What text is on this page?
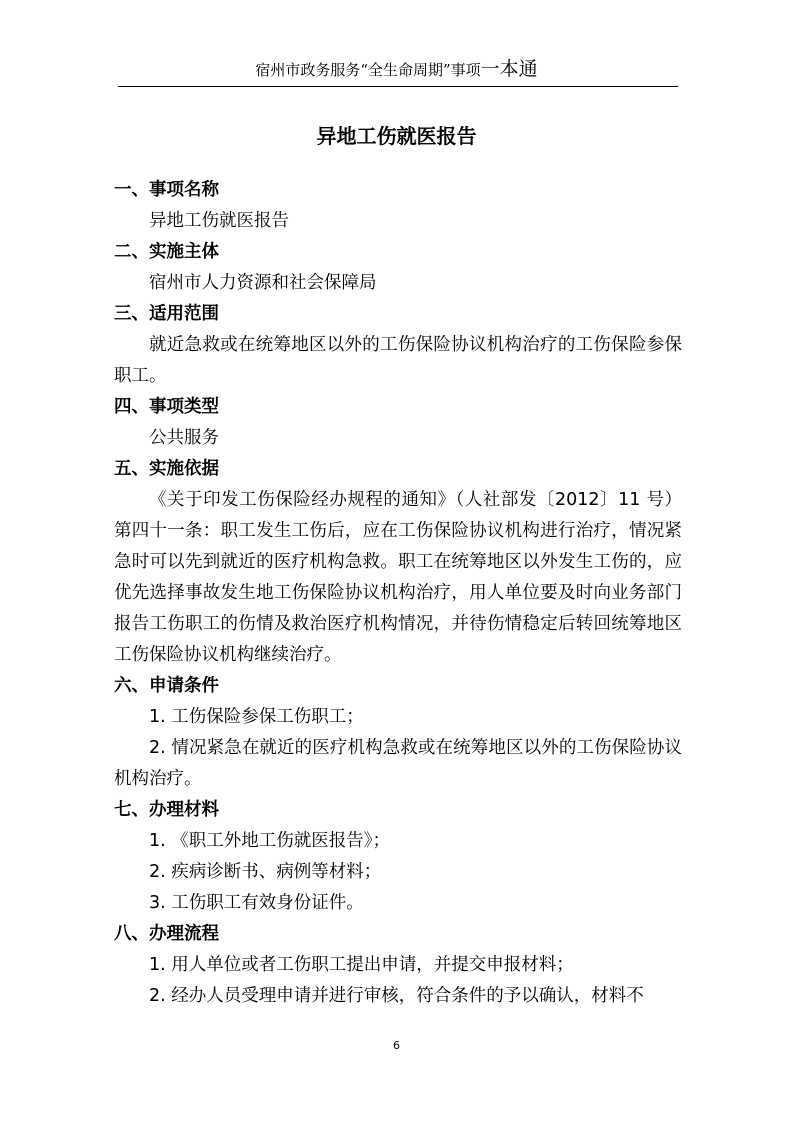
宿州市政务服务“全生命周期”事项一本通
异地工伤就医报告
一、事项名称

异地工伤就医报告

二、实施主体

宿州市人力资源和社会保障局

三、适用范围

就近急救或在统筹地区以外的工伤保险协议机构治疗的工伤保险参保职工。

四、事项类型

公共服务

五、实施依据

《关于印发工伤保险经办规程的通知》（人社部发〔2012〕11 号）第四十一条：职工发生工伤后，应在工伤保险协议机构进行治疗，情况紧急时可以先到就近的医疗机构急救。职工在统筹地区以外发生工伤的，应优先选择事故发生地工伤保险协议机构治疗，用人单位要及时向业务部门报告工伤职工的伤情及救治医疗机构情况，并待伤情稳定后转回统筹地区工伤保险协议机构继续治疗。

六、申请条件

1. 工伤保险参保工伤职工；

2. 情况紧急在就近的医疗机构急救或在统筹地区以外的工伤保险协议机构治疗。

七、办理材料

1. 《职工外地工伤就医报告》；

2. 疾病诊断书、病例等材料；

3. 工伤职工有效身份证件。

八、办理流程

1. 用人单位或者工伤职工提出申请，并提交申报材料；

2. 经办人员受理申请并进行审核，符合条件的予以确认，材料不

6
